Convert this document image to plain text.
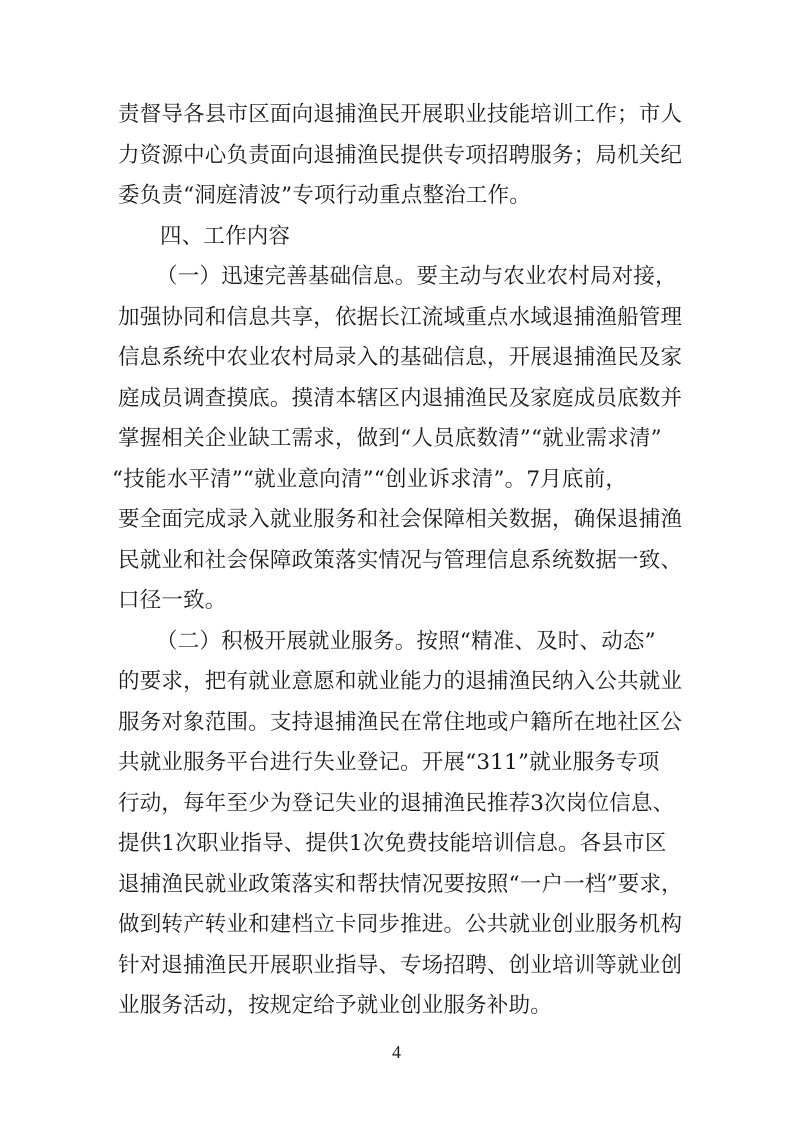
责督导各县市区面向退捕渔民开展职业技能培训工作；市人
力资源中心负责面向退捕渔民提供专项招聘服务；局机关纪
委负责“洞庭清波”专项行动重点整治工作。
四、工作内容
（一）迅速完善基础信息。要主动与农业农村局对接，
加强协同和信息共享，依据长江流域重点水域退捕渔船管理
信息系统中农业农村局录入的基础信息，开展退捕渔民及家
庭成员调查摸底。摸清本辖区内退捕渔民及家庭成员底数并
掌握相关企业缺工需求，做到“人员底数清”“就业需求清”
“技能水平清”“就业意向清”“创业诉求清”。7月底前，
要全面完成录入就业服务和社会保障相关数据，确保退捕渔
民就业和社会保障政策落实情况与管理信息系统数据一致、
口径一致。
（二）积极开展就业服务。按照“精准、及时、动态”
的要求，把有就业意愿和就业能力的退捕渔民纳入公共就业
服务对象范围。支持退捕渔民在常住地或户籍所在地社区公
共就业服务平台进行失业登记。开展“311”就业服务专项
行动，每年至少为登记失业的退捕渔民推荐3次岗位信息、
提供1次职业指导、提供1次免费技能培训信息。各县市区
退捕渔民就业政策落实和帮扶情况要按照“一户一档”要求，
做到转产转业和建档立卡同步推进。公共就业创业服务机构
针对退捕渔民开展职业指导、专场招聘、创业培训等就业创
业服务活动，按规定给予就业创业服务补助。
4
